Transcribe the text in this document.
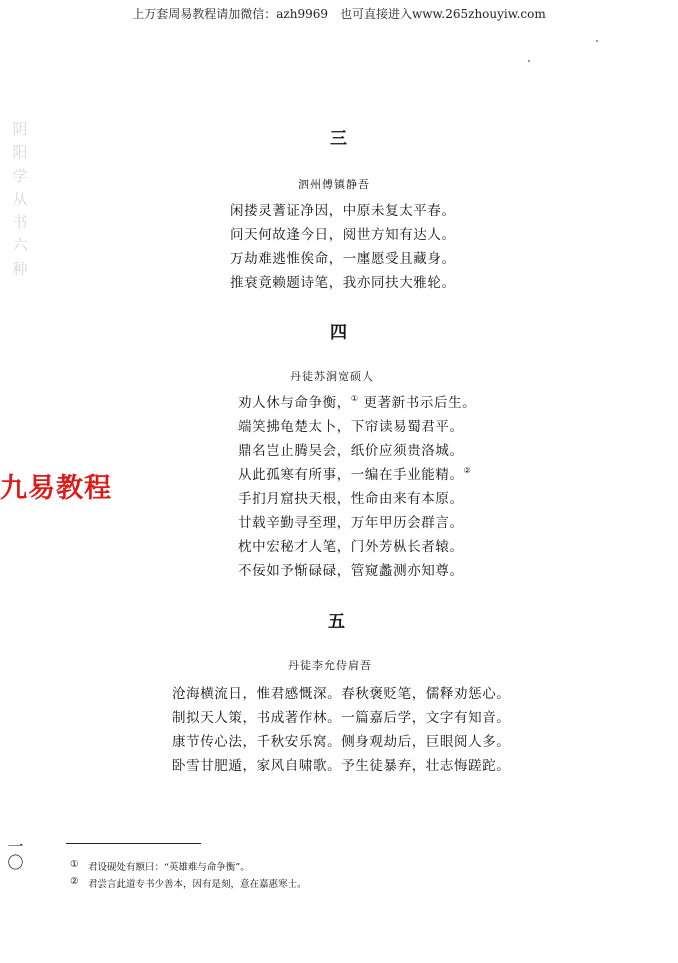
上万套周易教程请加微信：azh9969　也可直接进入www.265zhouyiw.com
阴
阳
学
从
书
六
种
九易教程
三
泗州傅镇静吾
闲搂灵蓍证净因，中原未复太平春。
问天何故逢今日，阅世方知有达人。
万劫难逃惟俟命，一廛愿受且藏身。
推衰竟赖题诗笔，我亦同扶大雅轮。
四
丹徒苏涧宽硕人
劝人休与命争衡，① 更著新书示后生。
端笑拂龟楚太卜，下帘读易蜀君平。
鼎名岂止腾吴会，纸价应须贵洛城。
从此孤寒有所事，一编在手业能精。②
手扪月窟抉天根，性命由来有本原。
廿载辛勤寻至理，万年甲历会群言。
枕中宏秘才人笔，门外芳枞长者辕。
不佞如予惭碌碌，管窥蠡测亦知尊。
五
丹徒李允侍肩吾
沧海横流日，惟君感慨深。春秋褒贬笔，儒释劝惩心。
制拟天人策，书成著作林。一篇嘉后学，文字有知音。
康节传心法，千秋安乐窝。侧身观劫后，巨眼阅人多。
卧雪甘肥遁，家风自啸歌。予生徒暴弃，壮志悔蹉跎。
一〇	① 君设砚处有额曰：“英雄难与命争衡”。
② 君尝言此道专书少善本，因有是刻，意在嘉惠寒士。
